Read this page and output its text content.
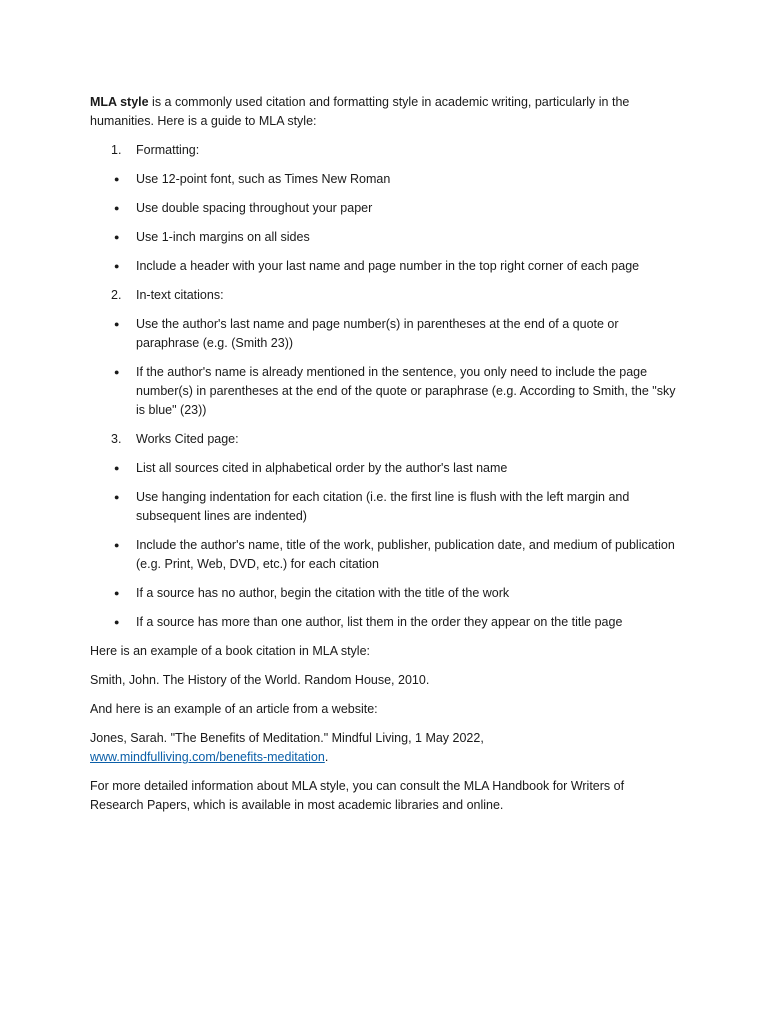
MLA style is a commonly used citation and formatting style in academic writing, particularly in the humanities. Here is a guide to MLA style:

1.	Formatting:
●	Use 12-point font, such as Times New Roman
●	Use double spacing throughout your paper
●	Use 1-inch margins on all sides
●	Include a header with your last name and page number in the top right corner of each page
2.	In-text citations:
●	Use the author's last name and page number(s) in parentheses at the end of a quote or paraphrase (e.g. (Smith 23))
●	If the author's name is already mentioned in the sentence, you only need to include the page number(s) in parentheses at the end of the quote or paraphrase (e.g. According to Smith, the "sky is blue" (23))
3.	Works Cited page:
●	List all sources cited in alphabetical order by the author's last name
●	Use hanging indentation for each citation (i.e. the first line is flush with the left margin and subsequent lines are indented)
●	Include the author's name, title of the work, publisher, publication date, and medium of publication (e.g. Print, Web, DVD, etc.) for each citation
●	If a source has no author, begin the citation with the title of the work
●	If a source has more than one author, list them in the order they appear on the title page

Here is an example of a book citation in MLA style:

Smith, John. The History of the World. Random House, 2010.

And here is an example of an article from a website:

Jones, Sarah. "The Benefits of Meditation." Mindful Living, 1 May 2022,
www.mindfulliving.com/benefits-meditation.

For more detailed information about MLA style, you can consult the MLA Handbook for Writers of Research Papers, which is available in most academic libraries and online.
